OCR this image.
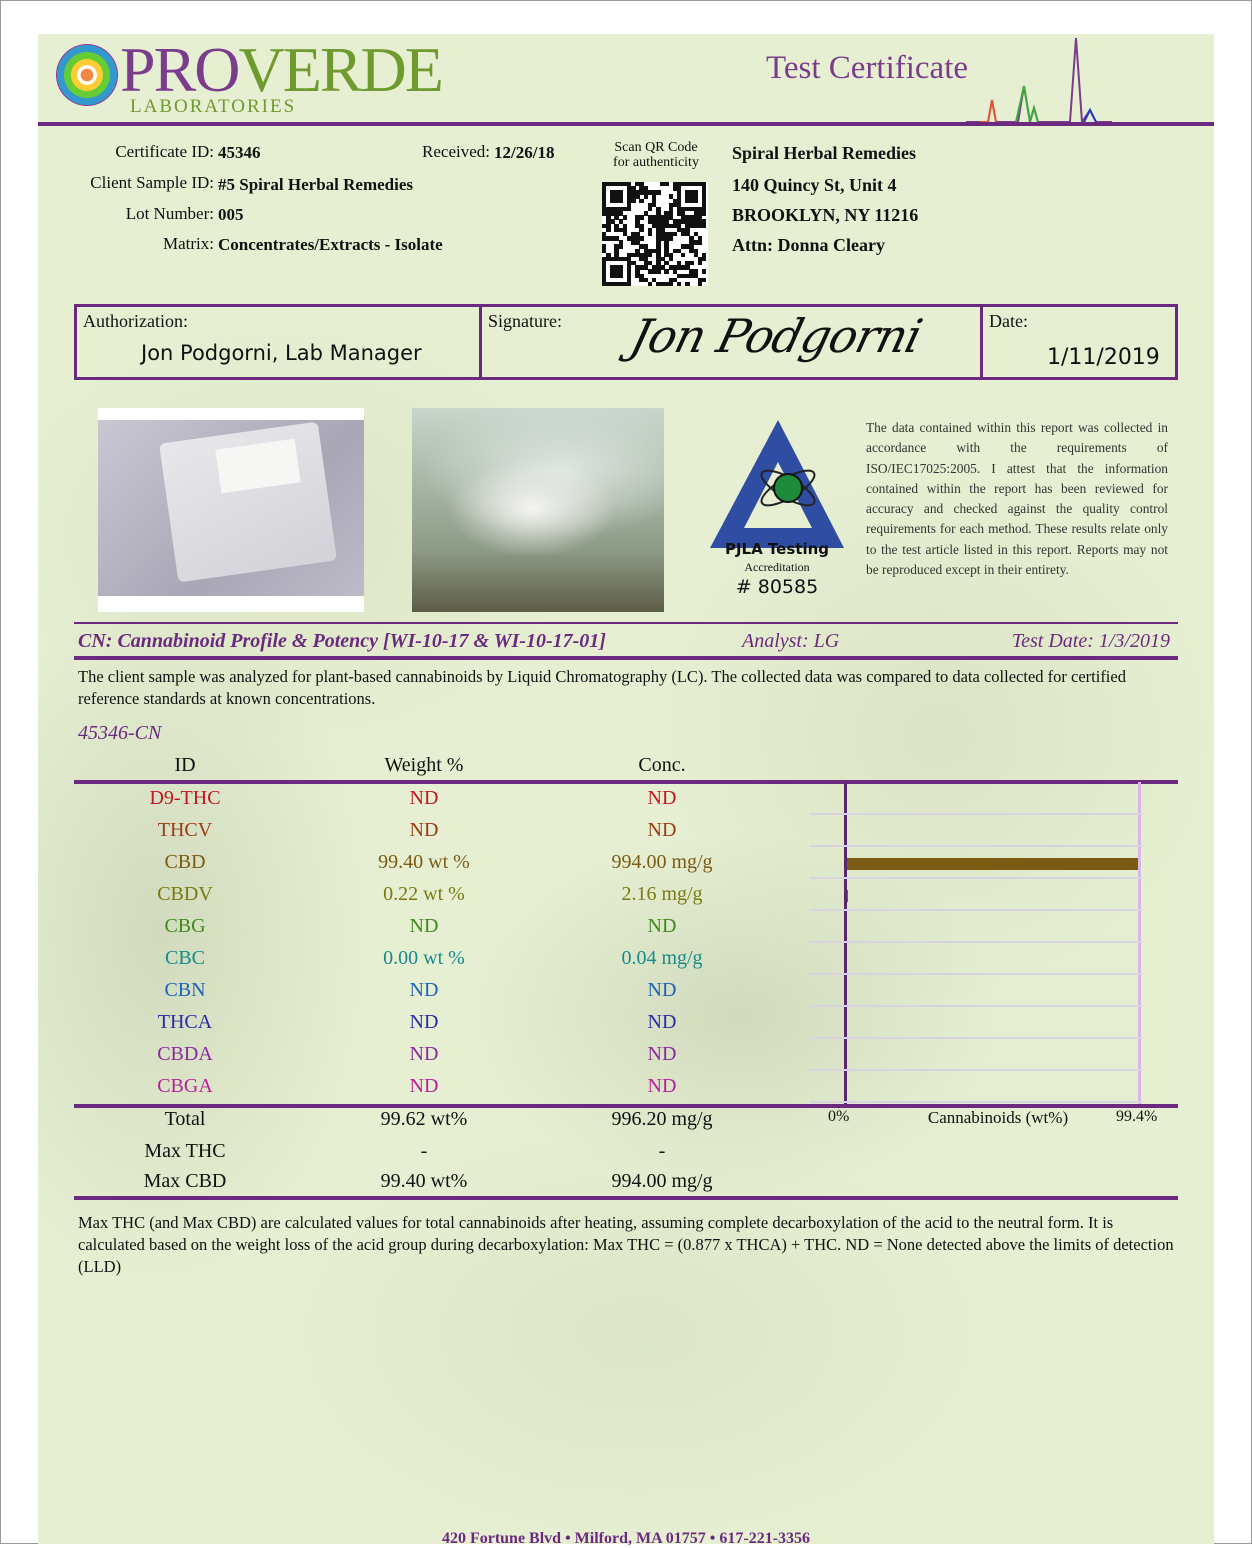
PROVERDE
LABORATORIES
Test Certificate
Certificate ID: 45346	Received: 12/26/18
Client Sample ID: #5 Spiral Herbal Remedies
Lot Number: 005
Matrix: Concentrates/Extracts - Isolate
Scan QR Code
for authenticity	Spiral Herbal Remedies
140 Quincy St, Unit 4
BROOKLYN, NY 11216
Attn: Donna Cleary
Authorization:
Jon Podgorni, Lab Manager
Signature: Jon Podgorni	Date:
1/11/2019
PJLA Testing
Accreditation
# 80585
The data contained within this report was collected in accordance with the requirements of ISO/IEC17025:2005. I attest that the information contained within the report has been reviewed for accuracy and checked against the quality control requirements for each method. These results relate only to the test article listed in this report. Reports may not be reproduced except in their entirety.
CN: Cannabinoid Profile & Potency [WI-10-17 & WI-10-17-01]	Analyst: LG	Test Date: 1/3/2019
The client sample was analyzed for plant-based cannabinoids by Liquid Chromatography (LC). The collected data was compared to data collected for certified reference standards at known concentrations.
45346-CN
ID	Weight %	Conc.
D9-THC	ND	ND
THCV	ND	ND
CBD	99.40 wt %	994.00 mg/g
CBDV	0.22 wt %	2.16 mg/g
CBG	ND	ND
CBC	0.00 wt %	0.04 mg/g
CBN	ND	ND
THCA	ND	ND
CBDA	ND	ND
CBGA	ND	ND
Total	99.62 wt%	996.20 mg/g	0%	Cannabinoids (wt%)	99.4%
Max THC	-	-
Max CBD	99.40 wt%	994.00 mg/g
Max THC (and Max CBD) are calculated values for total cannabinoids after heating, assuming complete decarboxylation of the acid to the neutral form. It is calculated based on the weight loss of the acid group during decarboxylation: Max THC = (0.877 x THCA) + THC. ND = None detected above the limits of detection (LLD)
420 Fortune Blvd • Milford, MA 01757 • 617-221-3356
